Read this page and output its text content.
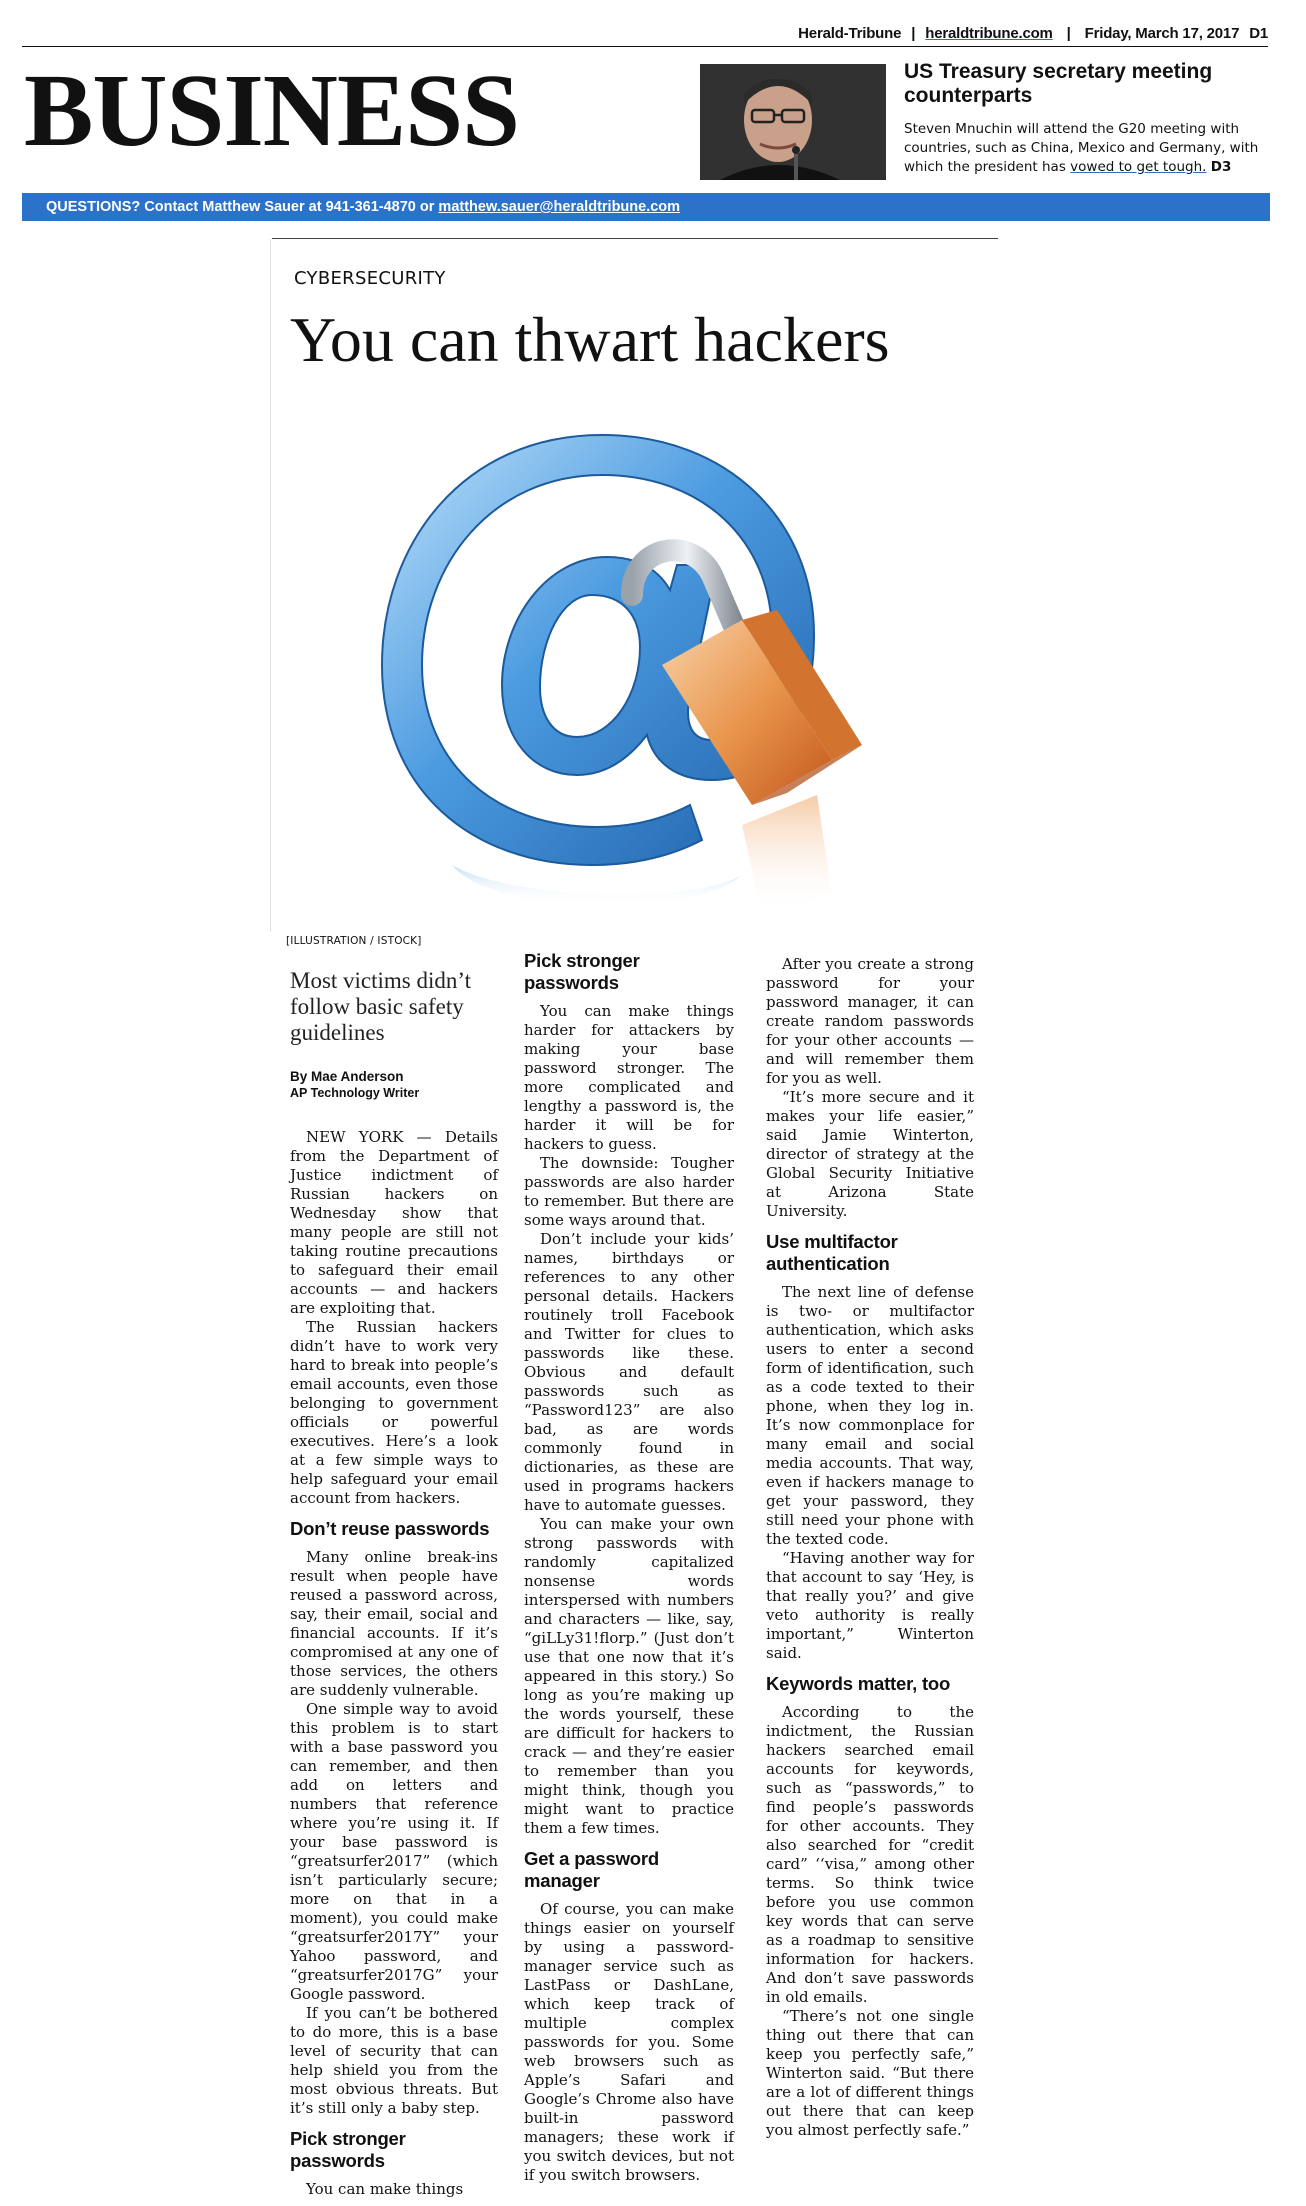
Herald-Tribune | heraldtribune.com | Friday, March 17, 2017 D1
BUSINESS	US Treasury secretary meeting counterparts
Steven Mnuchin will attend the G20 meeting with countries, such as China, Mexico and Germany, with which the president has vowed to get tough. D3
QUESTIONS? Contact Matthew Sauer at 941-361-4870 or matthew.sauer@heraldtribune.com
CYBERSECURITY
You can thwart hackers
[ILLUSTRATION / ISTOCK]
Most victims didn’t follow basic safety guidelines
By Mae Anderson
AP Technology Writer

NEW YORK — Details from the Department of Justice indictment of Russian hackers on Wednesday show that many people are still not taking routine precautions to safeguard their email accounts — and hackers are exploiting that.

The Russian hackers didn’t have to work very hard to break into people’s email accounts, even those belonging to government officials or powerful executives. Here’s a look at a few simple ways to help safeguard your email account from hackers.

Don’t reuse passwords

Many online break-ins result when people have reused a password across, say, their email, social and financial accounts. If it’s compromised at any one of those services, the others are suddenly vulnerable.

One simple way to avoid this problem is to start with a base password you can remember, and then add on letters and numbers that reference where you’re using it. If your base password is “greatsurfer2017” (which isn’t particularly secure; more on that in a moment), you could make “greatsurfer2017Y” your Yahoo password, and “greatsurfer2017G” your Google password.

If you can’t be bothered to do more, this is a base level of security that can help shield you from the most obvious threats. But it’s still only a baby step.

Pick stronger passwords

You can make things

Pick stronger passwords

You can make things harder for attackers by making your base password stronger. The more complicated and lengthy a password is, the harder it will be for hackers to guess.

The downside: Tougher passwords are also harder to remember. But there are some ways around that.

Don’t include your kids’ names, birthdays or references to any other personal details. Hackers routinely troll Facebook and Twitter for clues to passwords like these. Obvious and default passwords such as “Password123” are also bad, as are words commonly found in dictionaries, as these are used in programs hackers have to automate guesses.

You can make your own strong passwords with randomly capitalized nonsense words interspersed with numbers and characters — like, say, “giLLy31!florp.” (Just don’t use that one now that it’s appeared in this story.) So long as you’re making up the words yourself, these are difficult for hackers to crack — and they’re easier to remember than you might think, though you might want to practice them a few times.

Get a password manager

Of course, you can make things easier on yourself by using a password-manager service such as LastPass or DashLane, which keep track of multiple complex passwords for you. Some web browsers such as Apple’s Safari and Google’s Chrome also have built-in password managers; these work if you switch devices, but not if you switch browsers.

After you create a strong password for your password manager, it can create random passwords for your other accounts — and will remember them for you as well.

“It’s more secure and it makes your life easier,” said Jamie Winterton, director of strategy at the Global Security Initiative at Arizona State University.

Use multifactor authentication

The next line of defense is two- or multifactor authentication, which asks users to enter a second form of identification, such as a code texted to their phone, when they log in. It’s now commonplace for many email and social media accounts. That way, even if hackers manage to get your password, they still need your phone with the texted code.

“Having another way for that account to say ‘Hey, is that really you?’ and give veto authority is really important,” Winterton said.

Keywords matter, too

According to the indictment, the Russian hackers searched email accounts for keywords, such as “passwords,” to find people’s passwords for other accounts. They also searched for “credit card” ‘‘visa,” among other terms. So think twice before you use common key words that can serve as a roadmap to sensitive information for hackers. And don’t save passwords in old emails.

“There’s not one single thing out there that can keep you perfectly safe,” Winterton said. “But there are a lot of different things out there that can keep you almost perfectly safe.”
